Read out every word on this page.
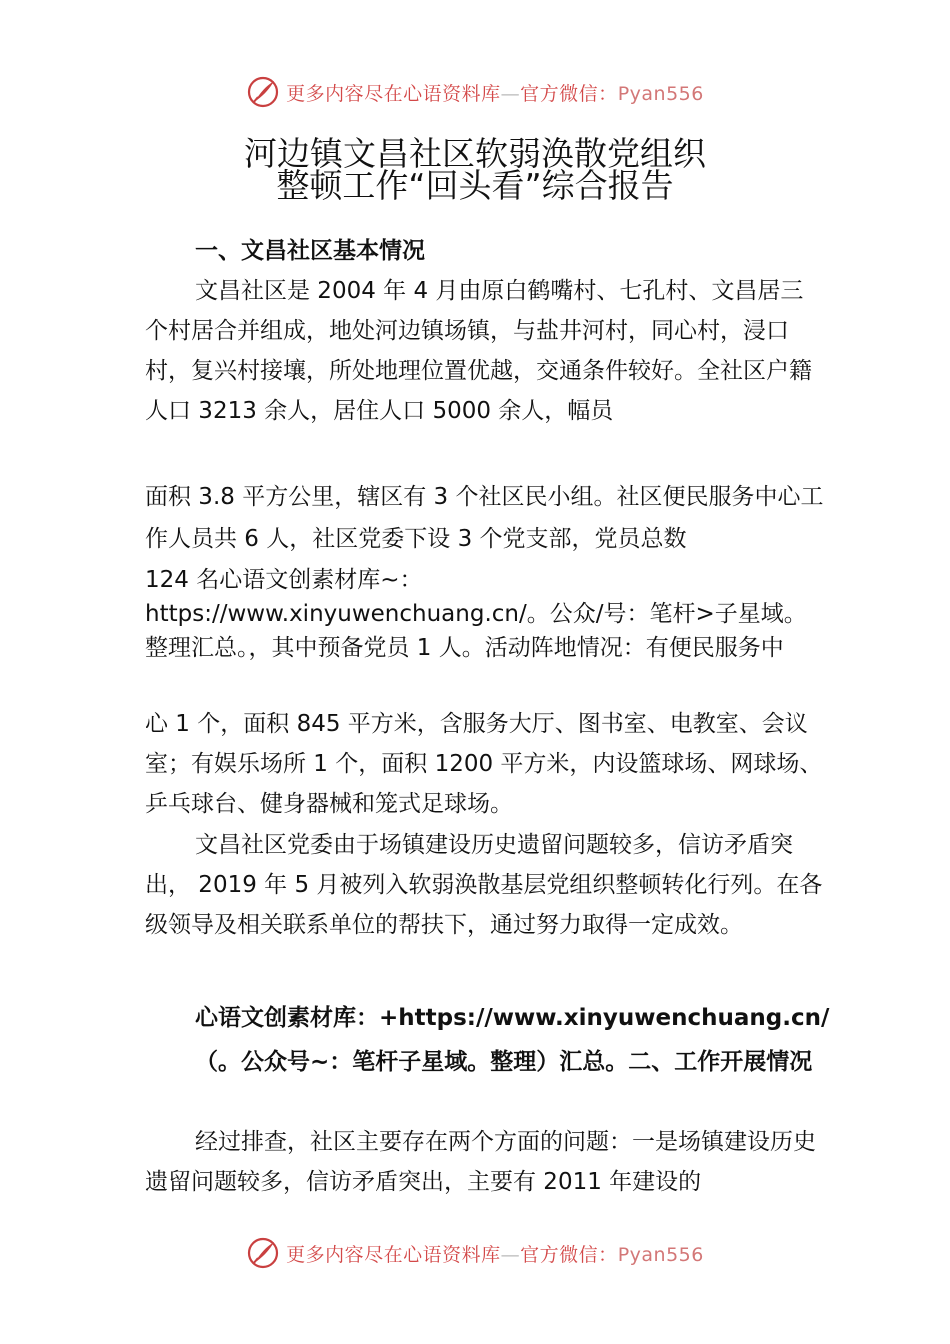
更多内容尽在心语资料库—官方微信：Pyan556
河边镇文昌社区软弱涣散党组织
整顿工作“回头看”综合报告

一、文昌社区基本情况

文昌社区是 2004 年 4 月由原白鹤嘴村、七孔村、文昌居三个村居合并组成，地处河边镇场镇，与盐井河村，同心村，浸口村，复兴村接壤，所处地理位置优越，交通条件较好。全社区户籍人口 3213 余人，居住人口 5000 余人，幅员

面积 3.8 平方公里，辖区有 3 个社区民小组。社区便民服务中心工作人员共 6 人，社区党委下设 3 个党支部，党员总数

124 名心语文创素材库~：https://www.xinyuwenchuang.cn/。公众/号：笔杆>子星域。整理汇总。，其中预备党员 1 人。活动阵地情况：有便民服务中

心 1 个，面积 845 平方米，含服务大厅、图书室、电教室、会议室；有娱乐场所 1 个，面积 1200 平方米，内设篮球场、网球场、乒乓球台、健身器械和笼式足球场。

文昌社区党委由于场镇建设历史遗留问题较多，信访矛盾突出， 2019 年 5 月被列入软弱涣散基层党组织整顿转化行列。在各级领导及相关联系单位的帮扶下，通过努力取得一定成效。

心语文创素材库：+https://www.xinyuwenchuang.cn/（。公众号~：笔杆子星域。整理）汇总。二、工作开展情况

经过排查，社区主要存在两个方面的问题：一是场镇建设历史遗留问题较多，信访矛盾突出，主要有 2011 年建设的

更多内容尽在心语资料库—官方微信：Pyan556
